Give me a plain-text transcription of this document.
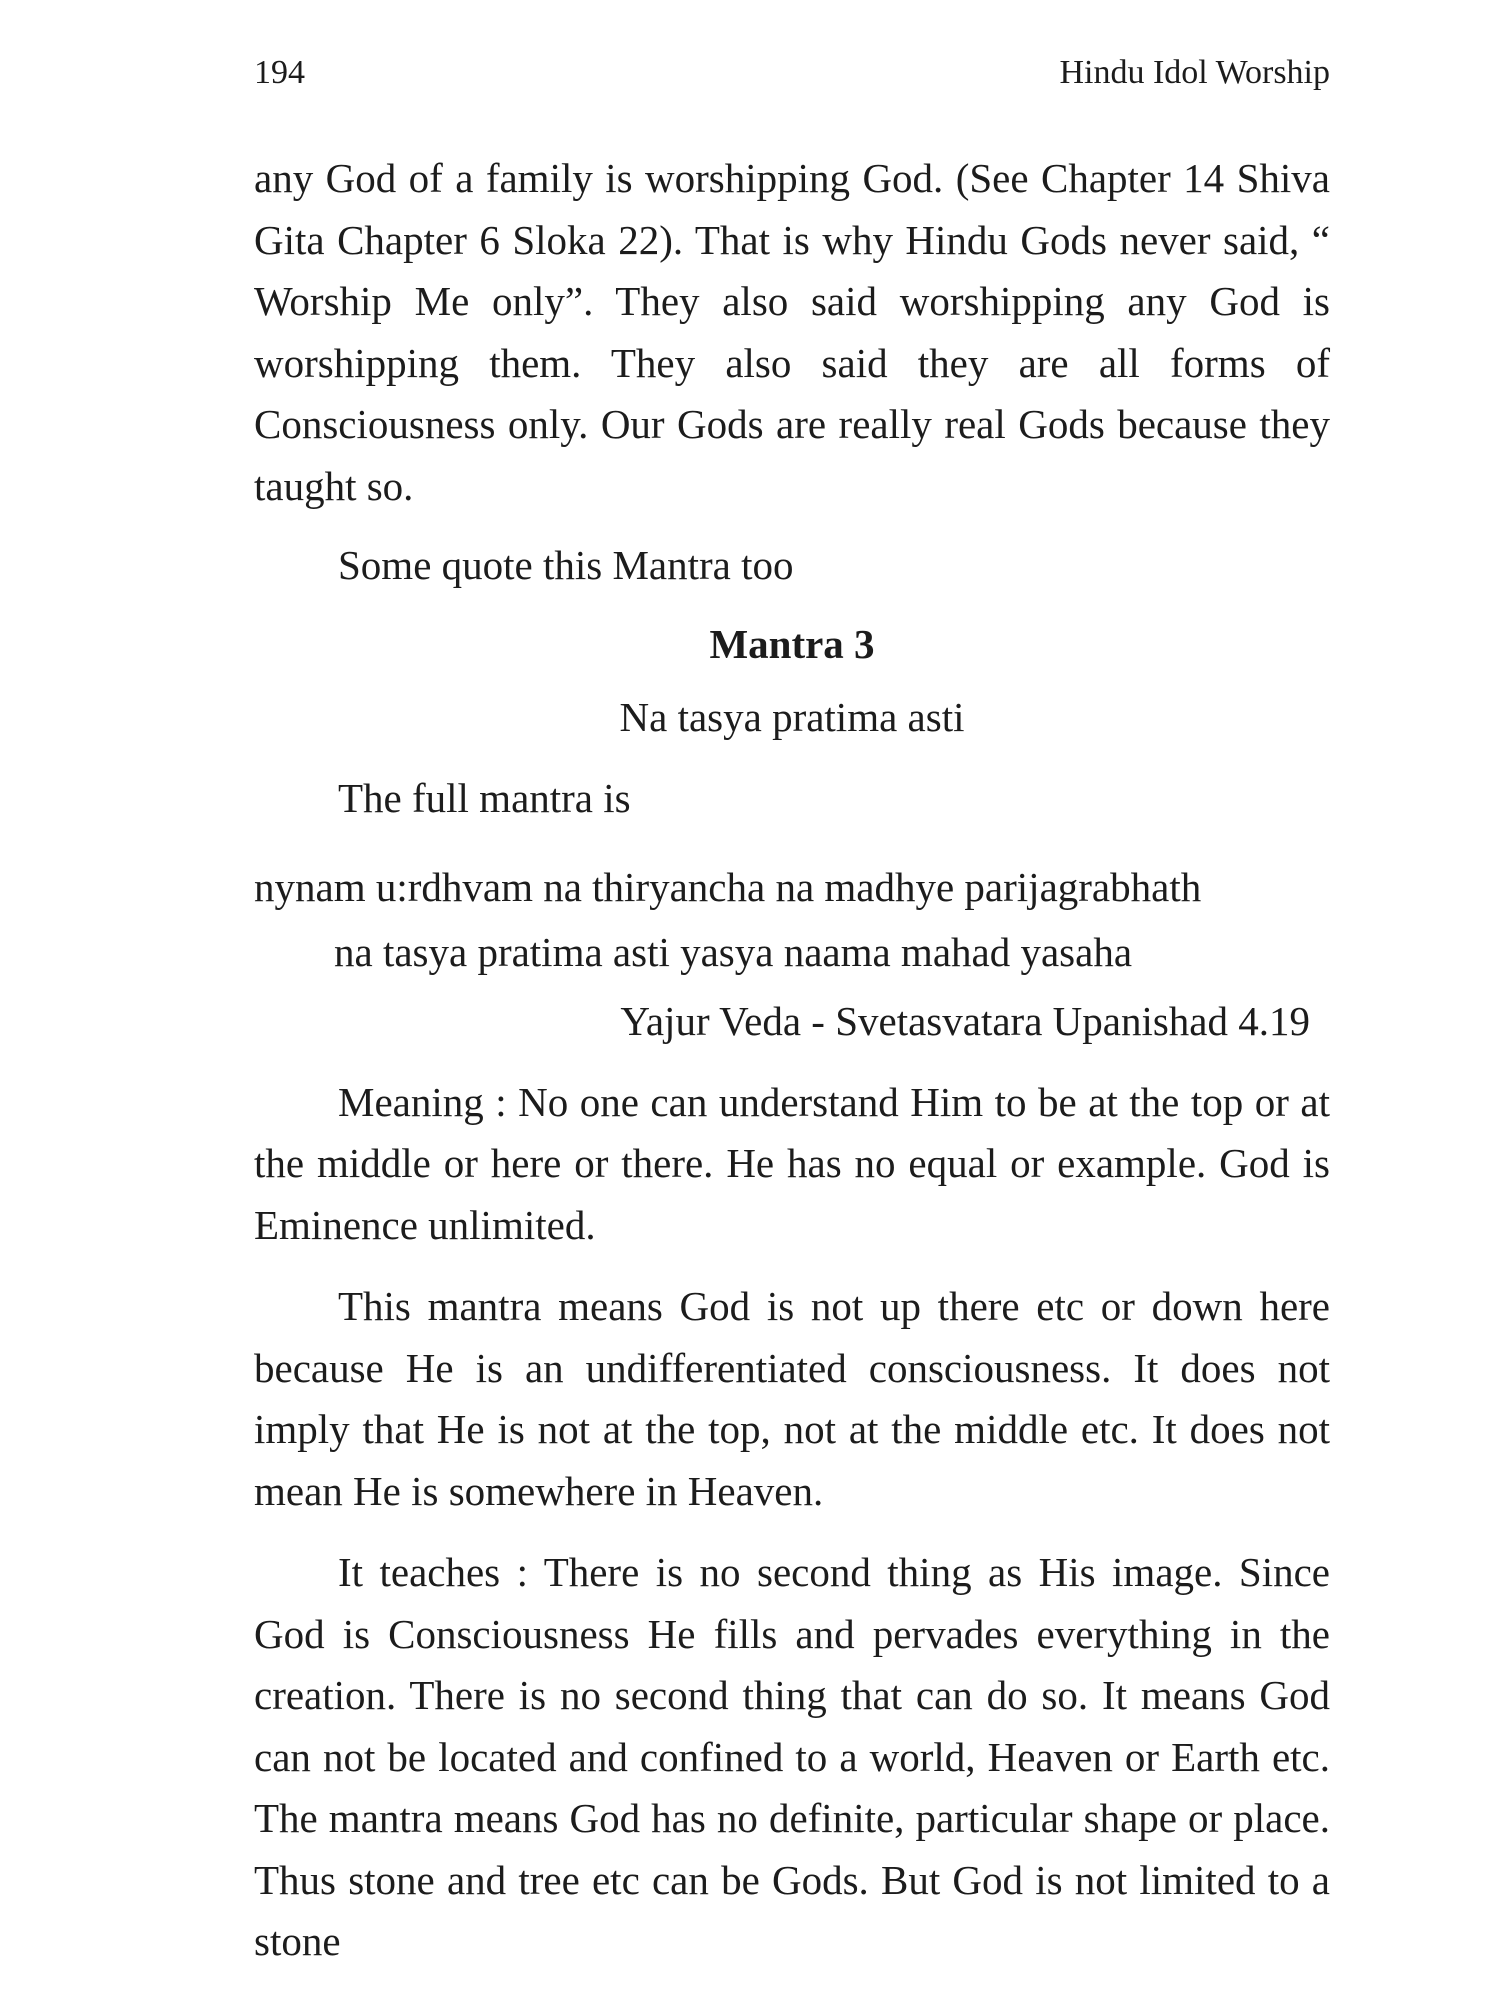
194	Hindu Idol Worship

any God of a family is worshipping God. (See Chapter 14 Shiva Gita Chapter 6 Sloka 22). That is why Hindu Gods never said, “ Worship Me only”. They also said worshipping any God is worshipping them. They also said they are all forms of Consciousness only. Our Gods are really real Gods because they taught so.

Some quote this Mantra too

Mantra 3

Na tasya pratima asti

The full mantra is

nynam u:rdhvam na thiryancha na madhye parijagrabhath

na tasya pratima asti yasya naama mahad yasaha

Yajur Veda - Svetasvatara Upanishad 4.19

Meaning : No one can understand Him to be at the top or at the middle or here or there. He has no equal or example. God is Eminence unlimited.

This mantra means God is not up there etc or down here because He is an undifferentiated consciousness. It does not imply that He is not at the top, not at the middle etc. It does not mean He is somewhere in Heaven.

It teaches : There is no second thing as His image. Since God is Consciousness He fills and pervades everything in the creation. There is no second thing that can do so. It means God can not be located and confined to a world, Heaven or Earth etc. The mantra means God has no definite, particular shape or place. Thus stone and tree etc can be Gods. But God is not limited to a stone
